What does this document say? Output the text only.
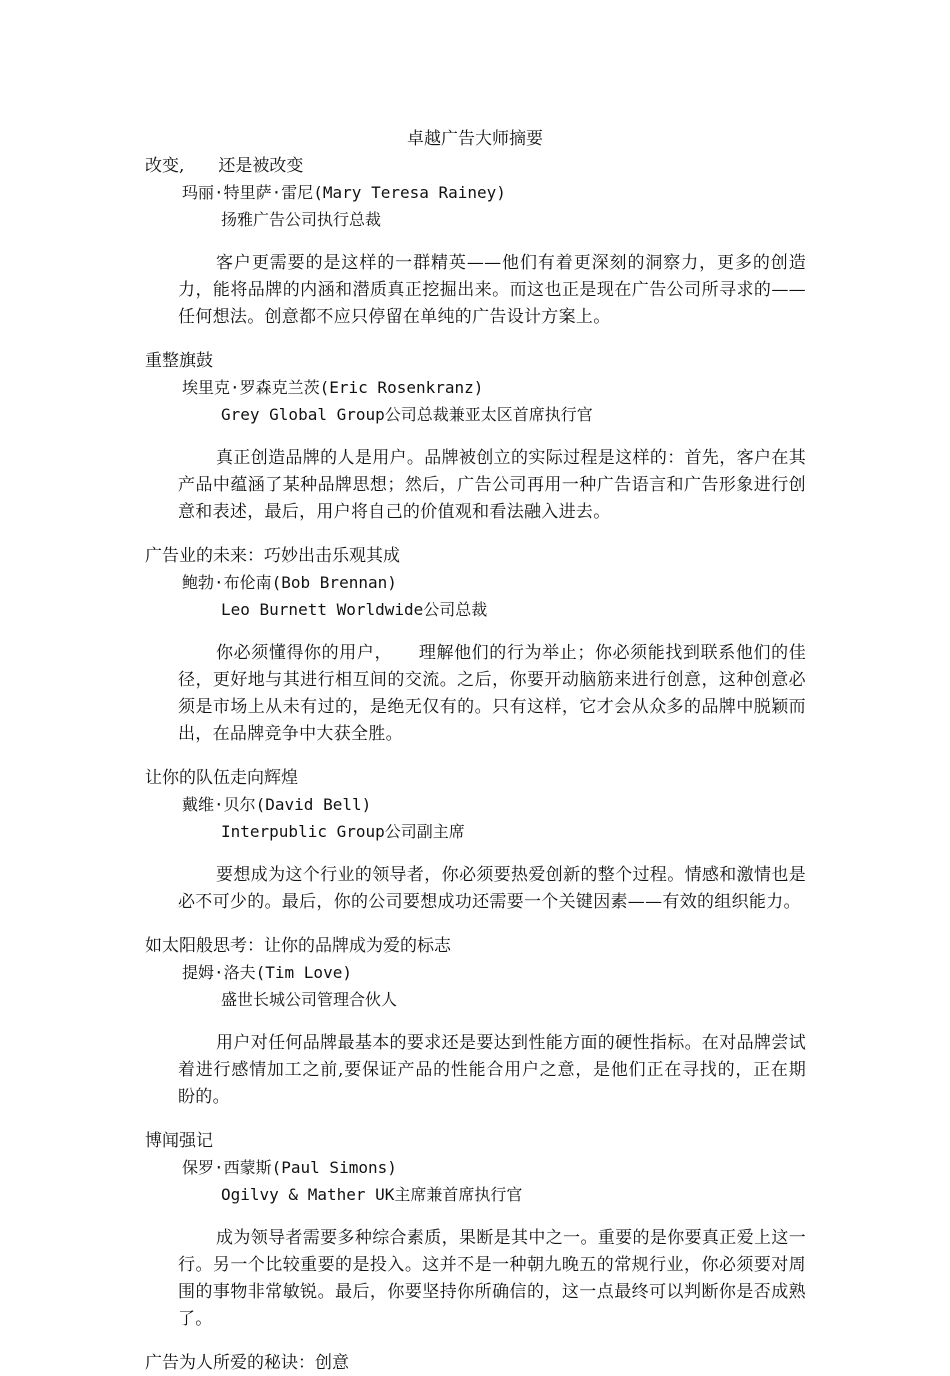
卓越广告大师摘要
改变,　　还是被改变
玛丽·特里萨·雷尼(Mary Teresa Rainey)
扬雅广告公司执行总裁

客户更需要的是这样的一群精英——他们有着更深刻的洞察力，更多的创造力，能将品牌的内涵和潜质真正挖掘出来。而这也正是现在广告公司所寻求的——任何想法。创意都不应只停留在单纯的广告设计方案上。

重整旗鼓
埃里克·罗森克兰茨(Eric Rosenkranz)
Grey Global Group公司总裁兼亚太区首席执行官

真正创造品牌的人是用户。品牌被创立的实际过程是这样的：首先，客户在其产品中蕴涵了某种品牌思想；然后，广告公司再用一种广告语言和广告形象进行创意和表述，最后，用户将自己的价值观和看法融入进去。

广告业的未来：巧妙出击乐观其成
鲍勃·布伦南(Bob Brennan)
Leo Burnett Worldwide公司总裁

你必须懂得你的用户，　　理解他们的行为举止；你必须能找到联系他们的佳径，更好地与其进行相互间的交流。之后，你要开动脑筋来进行创意，这种创意必须是市场上从未有过的，是绝无仅有的。只有这样，它才会从众多的品牌中脱颖而出，在品牌竞争中大获全胜。

让你的队伍走向辉煌
戴维·贝尔(David Bell)
Interpublic Group公司副主席

要想成为这个行业的领导者，你必须要热爱创新的整个过程。情感和激情也是必不可少的。最后，你的公司要想成功还需要一个关键因素——有效的组织能力。

如太阳般思考：让你的品牌成为爱的标志
提姆·洛夫(Tim Love)
盛世长城公司管理合伙人

用户对任何品牌最基本的要求还是要达到性能方面的硬性指标。在对品牌尝试着进行感情加工之前,要保证产品的性能合用户之意，是他们正在寻找的，正在期盼的。

博闻强记
保罗·西蒙斯(Paul Simons)
Ogilvy & Mather UK主席兼首席执行官

成为领导者需要多种综合素质，果断是其中之一。重要的是你要真正爱上这一行。另一个比较重要的是投入。这并不是一种朝九晚五的常规行业，你必须要对周围的事物非常敏锐。最后，你要坚持你所确信的，这一点最终可以判断你是否成熟了。

广告为人所爱的秘诀：创意
